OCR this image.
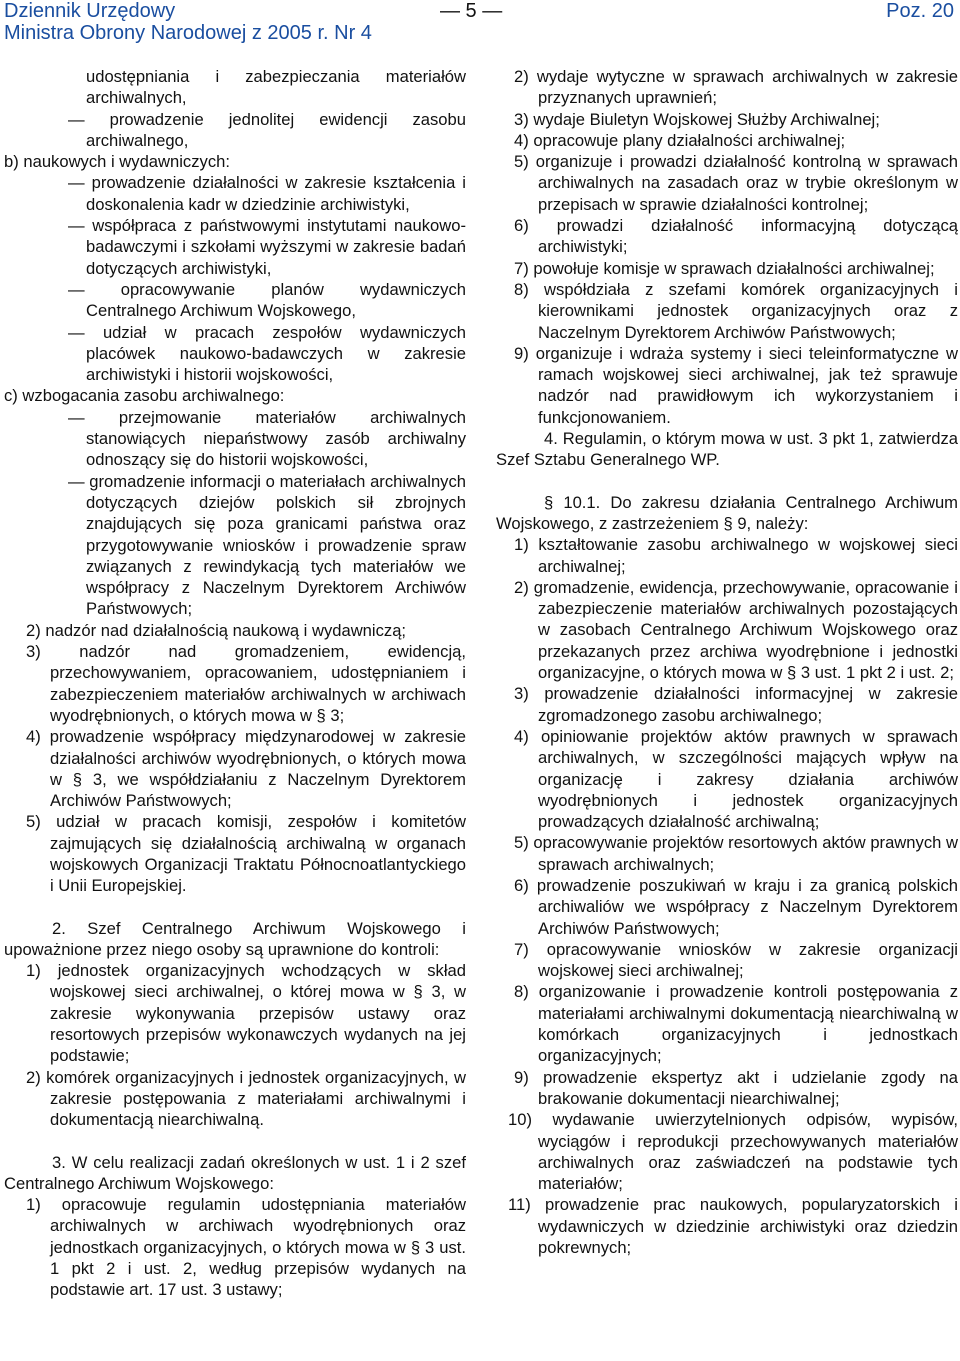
Dziennik Urzędowy
Ministra Obrony Narodowej z 2005 r. Nr 4
— 5 —	Poz. 20

udostępniania i zabezpieczania materiałów archiwalnych,

— prowadzenie jednolitej ewidencji zasobu archiwalnego,

b) naukowych i wydawniczych:

— prowadzenie działalności w zakresie kształcenia i doskonalenia kadr w dziedzinie archiwistyki,

— współpraca z państwowymi instytutami naukowo-badawczymi i szkołami wyższymi w zakresie badań dotyczących archiwistyki,

— opracowywanie planów wydawniczych Centralnego Archiwum Wojskowego,

— udział w pracach zespołów wydawniczych placówek naukowo-badawczych w zakresie archiwistyki i historii wojskowości,

c) wzbogacania zasobu archiwalnego:

— przejmowanie materiałów archiwalnych stanowiących niepaństwowy zasób archiwalny odnoszący się do historii wojskowości,

— gromadzenie informacji o materiałach archiwalnych dotyczących dziejów polskich sił zbrojnych znajdujących się poza granicami państwa oraz przygotowywanie wniosków i prowadzenie spraw związanych z rewindykacją tych materiałów we współpracy z Naczelnym Dyrektorem Archiwów Państwowych;

2) nadzór nad działalnością naukową i wydawniczą;

3) nadzór nad gromadzeniem, ewidencją, przechowywaniem, opracowaniem, udostępnianiem i zabezpieczeniem materiałów archiwalnych w archiwach wyodrębnionych, o których mowa w § 3;

4) prowadzenie współpracy międzynarodowej w zakresie działalności archiwów wyodrębnionych, o których mowa w § 3, we współdziałaniu z Naczelnym Dyrektorem Archiwów Państwowych;

5) udział w pracach komisji, zespołów i komitetów zajmujących się działalnością archiwalną w organach wojskowych Organizacji Traktatu Północnoatlantyckiego i Unii Europejskiej.

2. Szef Centralnego Archiwum Wojskowego i upoważnione przez niego osoby są uprawnione do kontroli:

1) jednostek organizacyjnych wchodzących w skład wojskowej sieci archiwalnej, o której mowa w § 3, w zakresie wykonywania przepisów ustawy oraz resortowych przepisów wykonawczych wydanych na jej podstawie;

2) komórek organizacyjnych i jednostek organizacyjnych, w zakresie postępowania z materiałami archiwalnymi i dokumentacją niearchiwalną.

3. W celu realizacji zadań określonych w ust. 1 i 2 szef Centralnego Archiwum Wojskowego:

1) opracowuje regulamin udostępniania materiałów archiwalnych w archiwach wyodrębnionych oraz jednostkach organizacyjnych, o których mowa w § 3 ust. 1 pkt 2 i ust. 2, według przepisów wydanych na podstawie art. 17 ust. 3 ustawy;

2) wydaje wytyczne w sprawach archiwalnych w zakresie przyznanych uprawnień;

3) wydaje Biuletyn Wojskowej Służby Archiwalnej;

4) opracowuje plany działalności archiwalnej;

5) organizuje i prowadzi działalność kontrolną w sprawach archiwalnych na zasadach oraz w trybie określonym w przepisach w sprawie działalności kontrolnej;

6) prowadzi działalność informacyjną dotyczącą archiwistyki;

7) powołuje komisje w sprawach działalności archiwalnej;

8) współdziała z szefami komórek organizacyjnych i kierownikami jednostek organizacyjnych oraz z Naczelnym Dyrektorem Archiwów Państwowych;

9) organizuje i wdraża systemy i sieci teleinformatyczne w ramach wojskowej sieci archiwalnej, jak też sprawuje nadzór nad prawidłowym ich wykorzystaniem i funkcjonowaniem.

4. Regulamin, o którym mowa w ust. 3 pkt 1, zatwierdza Szef Sztabu Generalnego WP.

§ 10.1. Do zakresu działania Centralnego Archiwum Wojskowego, z zastrzeżeniem § 9, należy:

1) kształtowanie zasobu archiwalnego w wojskowej sieci archiwalnej;

2) gromadzenie, ewidencja, przechowywanie, opracowanie i zabezpieczenie materiałów archiwalnych pozostających w zasobach Centralnego Archiwum Wojskowego oraz przekazanych przez archiwa wyodrębnione i jednostki organizacyjne, o których mowa w § 3 ust. 1 pkt 2 i ust. 2;

3) prowadzenie działalności informacyjnej w zakresie zgromadzonego zasobu archiwalnego;

4) opiniowanie projektów aktów prawnych w sprawach archiwalnych, w szczególności mających wpływ na organizację i zakresy działania archiwów wyodrębnionych i jednostek organizacyjnych prowadzących działalność archiwalną;

5) opracowywanie projektów resortowych aktów prawnych w sprawach archiwalnych;

6) prowadzenie poszukiwań w kraju i za granicą polskich archiwaliów we współpracy z Naczelnym Dyrektorem Archiwów Państwowych;

7) opracowywanie wniosków w zakresie organizacji wojskowej sieci archiwalnej;

8) organizowanie i prowadzenie kontroli postępowania z materiałami archiwalnymi dokumentacją niearchiwalną w komórkach organizacyjnych i jednostkach organizacyjnych;

9) prowadzenie ekspertyz akt i udzielanie zgody na brakowanie dokumentacji niearchiwalnej;

10) wydawanie uwierzytelnionych odpisów, wypisów, wyciągów i reprodukcji przechowywanych materiałów archiwalnych oraz zaświadczeń na podstawie tych materiałów;

11) prowadzenie prac naukowych, popularyzatorskich i wydawniczych w dziedzinie archiwistyki oraz dziedzin pokrewnych;
